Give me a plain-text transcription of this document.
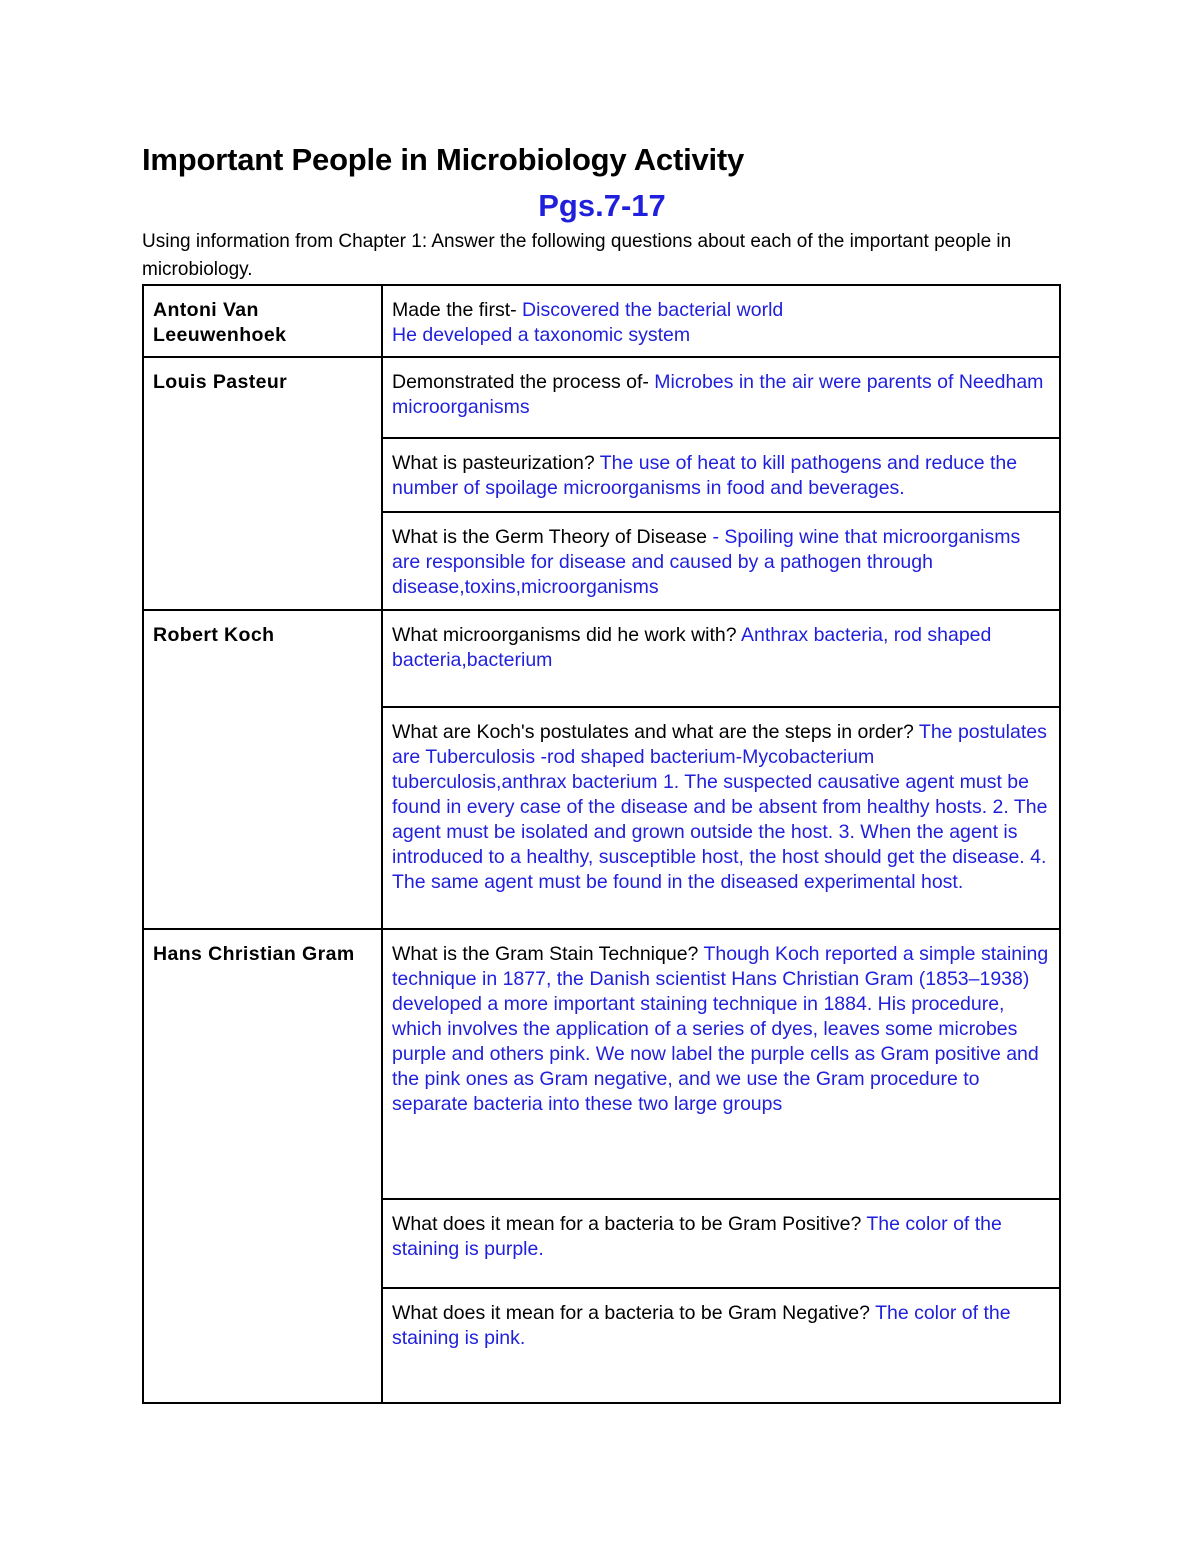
Important People in Microbiology Activity
Pgs.7-17

Using information from Chapter 1: Answer the following questions about each of the important people in microbiology.

Antoni Van Leeuwenhoek	Made the first- Discovered the bacterial world
He developed a taxonomic system
Louis Pasteur	Demonstrated the process of- Microbes in the air were parents of Needham microorganisms
	What is pasteurization? The use of heat to kill pathogens and reduce the number of spoilage microorganisms in food and beverages.
	What is the Germ Theory of Disease - Spoiling wine that microorganisms are responsible for disease and caused by a pathogen through disease,toxins,microorganisms
Robert Koch	What microorganisms did he work with? Anthrax bacteria, rod shaped bacteria,bacterium
	What are Koch's postulates and what are the steps in order? The postulates are Tuberculosis -rod shaped bacterium-Mycobacterium tuberculosis,anthrax bacterium 1. The suspected causative agent must be found in every case of the disease and be absent from healthy hosts. 2. The agent must be isolated and grown outside the host. 3. When the agent is introduced to a healthy, susceptible host, the host should get the disease. 4. The same agent must be found in the diseased experimental host.
Hans Christian Gram	What is the Gram Stain Technique? Though Koch reported a simple staining technique in 1877, the Danish scientist Hans Christian Gram (1853–1938) developed a more important staining technique in 1884. His procedure, which involves the application of a series of dyes, leaves some microbes purple and others pink. We now label the purple cells as Gram positive and the pink ones as Gram negative, and we use the Gram procedure to separate bacteria into these two large groups
	What does it mean for a bacteria to be Gram Positive? The color of the staining is purple.
	What does it mean for a bacteria to be Gram Negative? The color of the staining is pink.
